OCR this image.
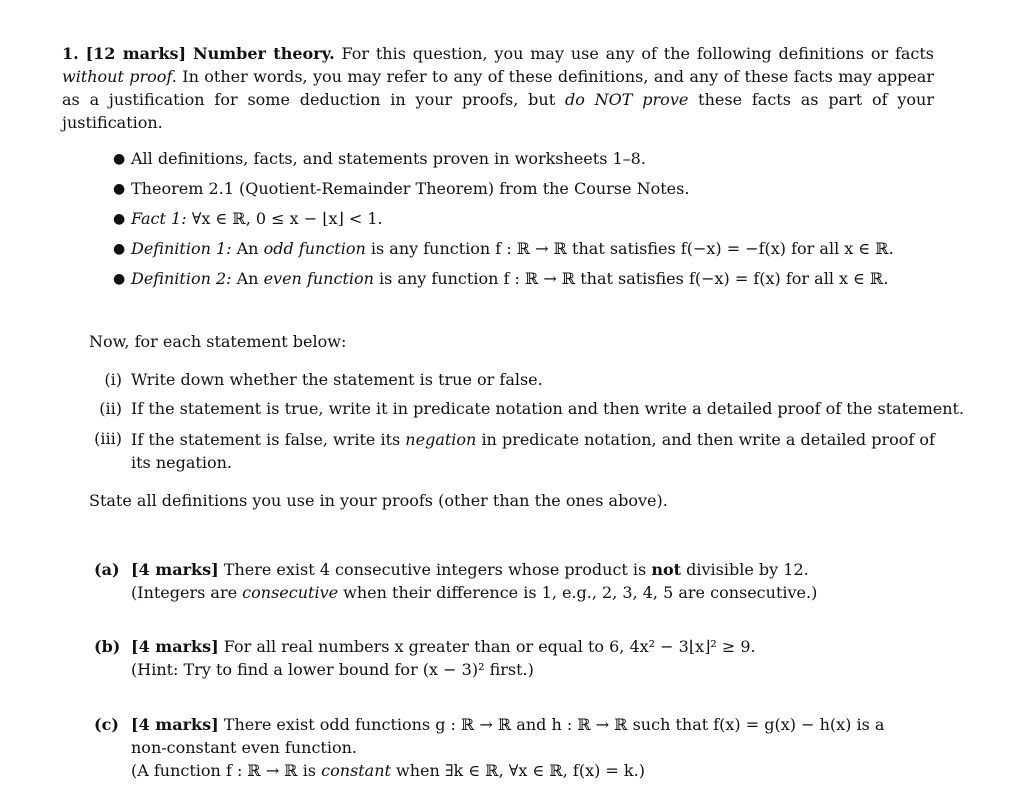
1. [12 marks] Number theory. For this question, you may use any of the following definitions or facts without proof. In other words, you may refer to any of these definitions, and any of these facts may appear as a justification for some deduction in your proofs, but do NOT prove these facts as part of your justification.
● All definitions, facts, and statements proven in worksheets 1–8.
● Theorem 2.1 (Quotient-Remainder Theorem) from the Course Notes.
● Fact 1: ∀x ∈ ℝ, 0 ≤ x − ⌊x⌋ < 1.
● Definition 1: An odd function is any function f : ℝ → ℝ that satisfies f(−x) = −f(x) for all x ∈ ℝ.
● Definition 2: An even function is any function f : ℝ → ℝ that satisfies f(−x) = f(x) for all x ∈ ℝ.
Now, for each statement below:
(i) Write down whether the statement is true or false.
(ii) If the statement is true, write it in predicate notation and then write a detailed proof of the statement.
(iii) If the statement is false, write its negation in predicate notation, and then write a detailed proof of
its negation.
State all definitions you use in your proofs (other than the ones above).
(a) [4 marks] There exist 4 consecutive integers whose product is not divisible by 12.
(Integers are consecutive when their difference is 1, e.g., 2, 3, 4, 5 are consecutive.)
(b) [4 marks] For all real numbers x greater than or equal to 6, 4x² − 3⌊x⌋² ≥ 9.
(Hint: Try to find a lower bound for (x − 3)² first.)
(c) [4 marks] There exist odd functions g : ℝ → ℝ and h : ℝ → ℝ such that f(x) = g(x) − h(x) is a
non-constant even function.
(A function f : ℝ → ℝ is constant when ∃k ∈ ℝ, ∀x ∈ ℝ, f(x) = k.)
